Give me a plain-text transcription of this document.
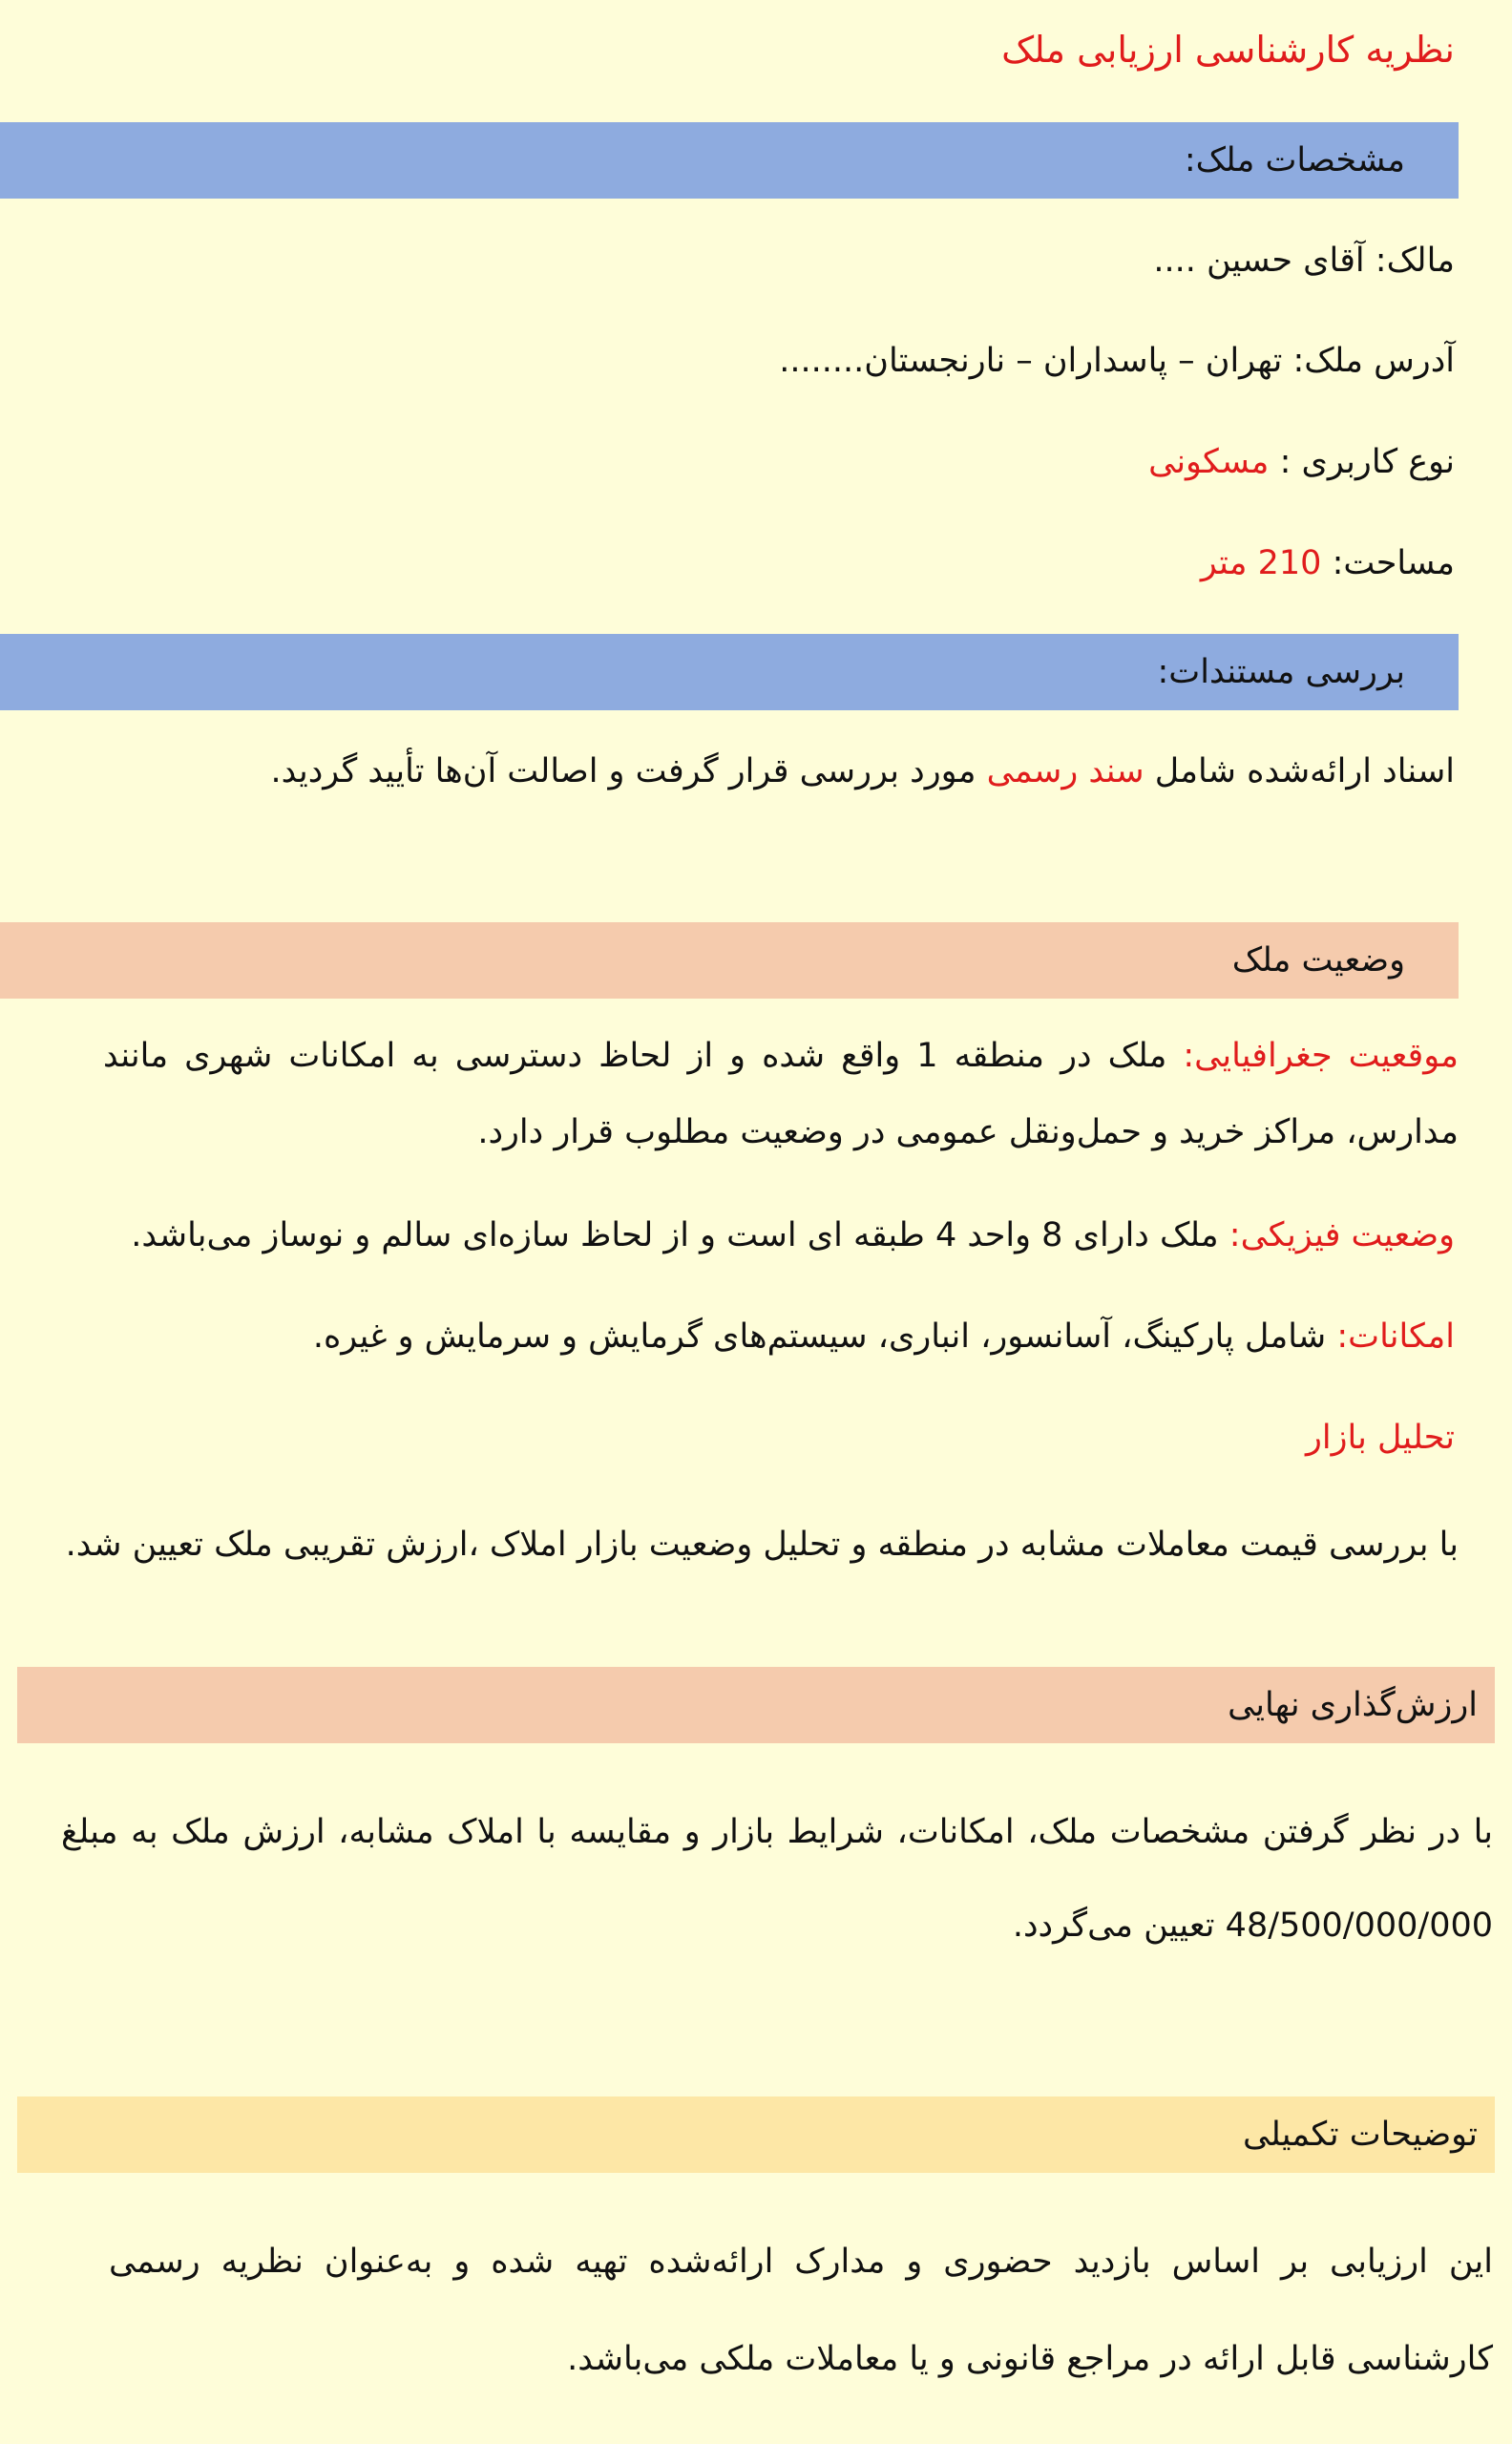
نظریه کارشناسی ارزیابی ملک
مشخصات ملک:
مالک: آقای حسین ....
آدرس ملک: تهران – پاسداران – نارنجستان........
نوع کاربری : مسکونی
مساحت: 210 متر
بررسی مستندات:
اسناد ارائه‌شده شامل سند رسمی مورد بررسی قرار گرفت و اصالت آن‌ها تأیید گردید.
وضعیت ملک
موقعیت جغرافیایی: ملک در منطقه 1 واقع شده و از لحاظ دسترسی به امکانات شهری مانند مدارس، مراکز خرید و حمل‌ونقل عمومی در وضعیت مطلوب قرار دارد.
وضعیت فیزیکی: ملک دارای 8 واحد 4 طبقه ای است و از لحاظ سازه‌ای سالم و نوساز می‌باشد.
امکانات: شامل پارکینگ، آسانسور، انباری، سیستم‌های گرمایش و سرمایش و غیره.
تحلیل بازار
با بررسی قیمت معاملات مشابه در منطقه و تحلیل وضعیت بازار املاک ،ارزش تقریبی ملک تعیین شد.
ارزش‌گذاری نهایی
با در نظر گرفتن مشخصات ملک، امکانات، شرایط بازار و مقایسه با املاک مشابه، ارزش ملک به مبلغ 48/500/000/000 تعیین می‌گردد.
توضیحات تکمیلی
این ارزیابی بر اساس بازدید حضوری و مدارک ارائه‌شده تهیه شده و به‌عنوان نظریه رسمی کارشناسی قابل ارائه در مراجع قانونی و یا معاملات ملکی می‌باشد.
